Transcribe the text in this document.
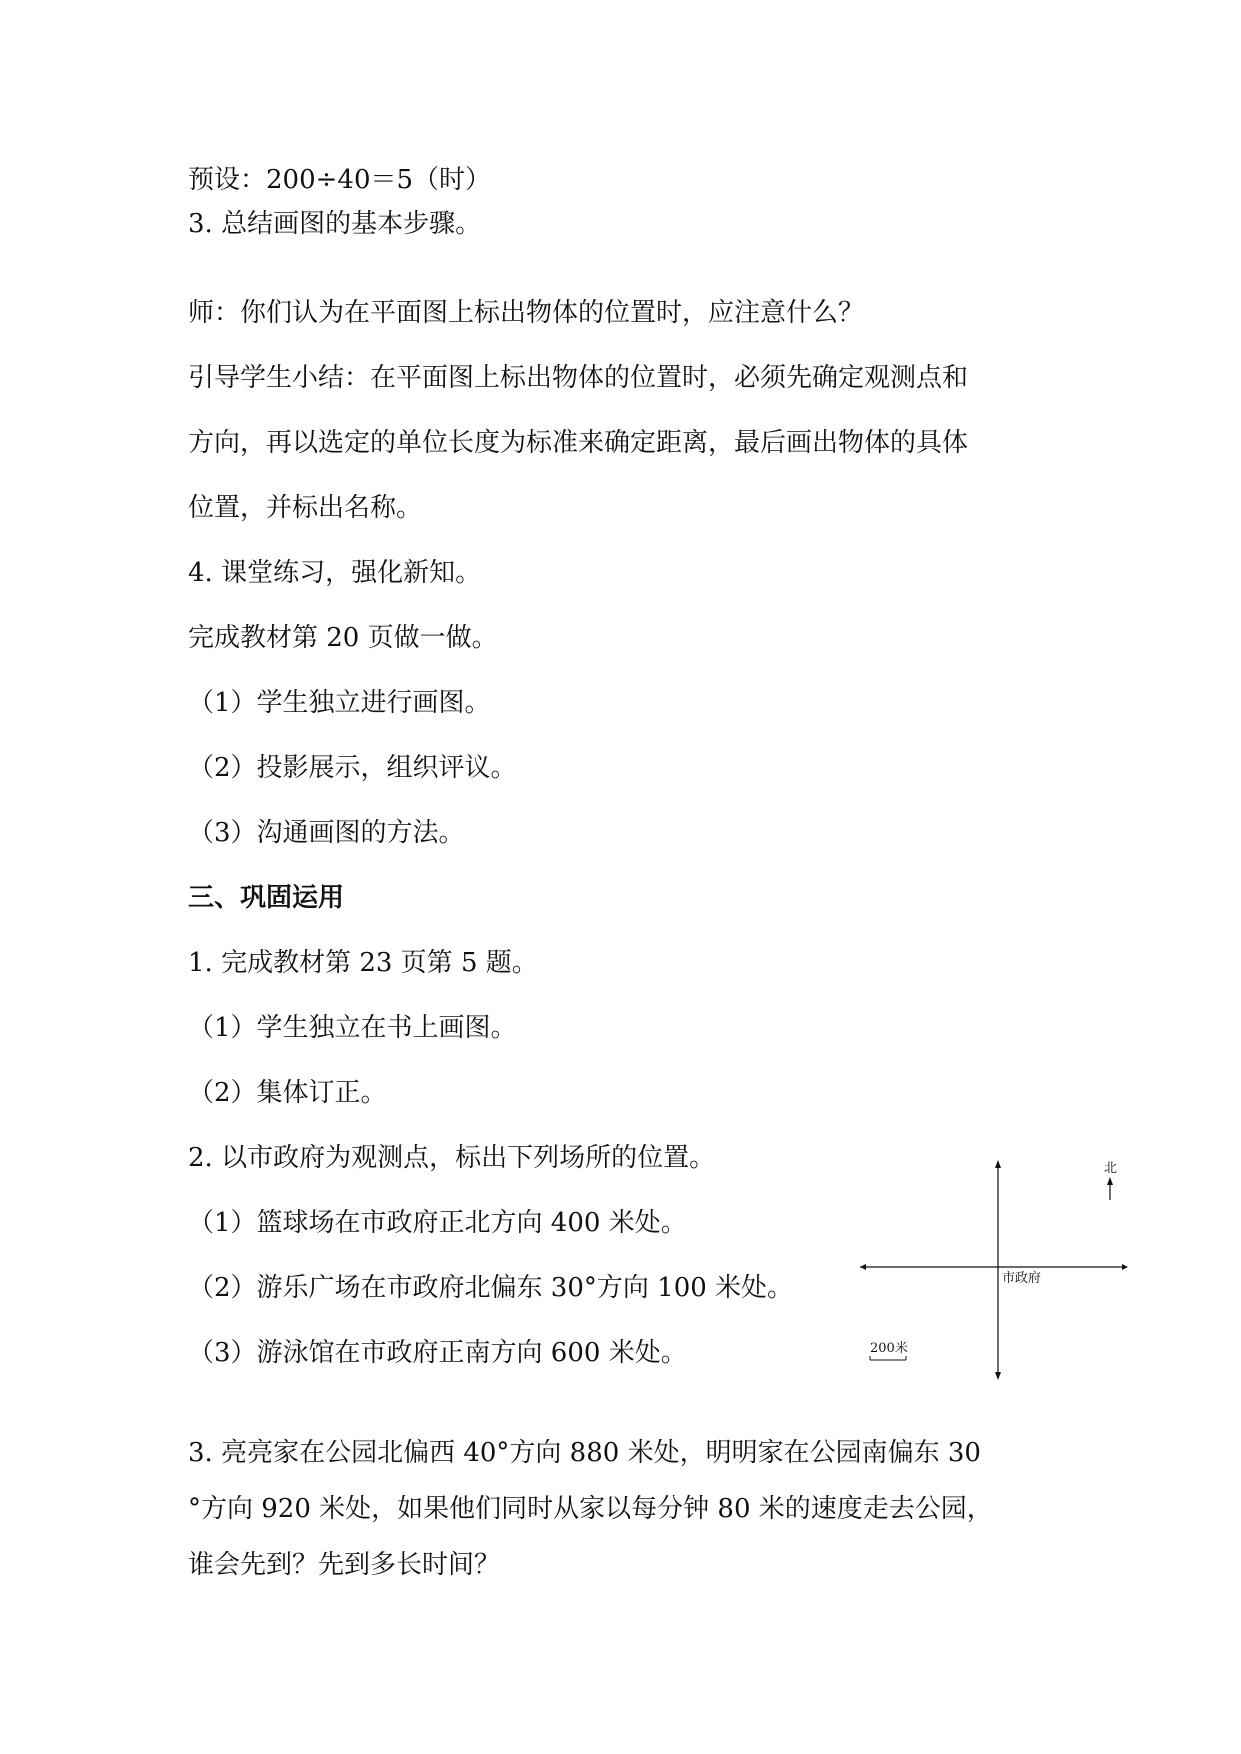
预设：200÷40＝5（时）
3. 总结画图的基本步骤。
师：你们认为在平面图上标出物体的位置时，应注意什么？
引导学生小结：在平面图上标出物体的位置时，必须先确定观测点和
方向，再以选定的单位长度为标准来确定距离，最后画出物体的具体
位置，并标出名称。
4. 课堂练习，强化新知。
完成教材第 20 页做一做。
（1）学生独立进行画图。
（2）投影展示，组织评议。
（3）沟通画图的方法。
三、巩固运用
1. 完成教材第 23 页第 5 题。
（1）学生独立在书上画图。
（2）集体订正。
2. 以市政府为观测点，标出下列场所的位置。
（1）篮球场在市政府正北方向 400 米处。
（2）游乐广场在市政府北偏东 30°方向 100 米处。
（3）游泳馆在市政府正南方向 600 米处。
3. 亮亮家在公园北偏西 40°方向 880 米处，明明家在公园南偏东 30
°方向 920 米处，如果他们同时从家以每分钟 80 米的速度走去公园，
谁会先到？先到多长时间？
北
市政府
200米
